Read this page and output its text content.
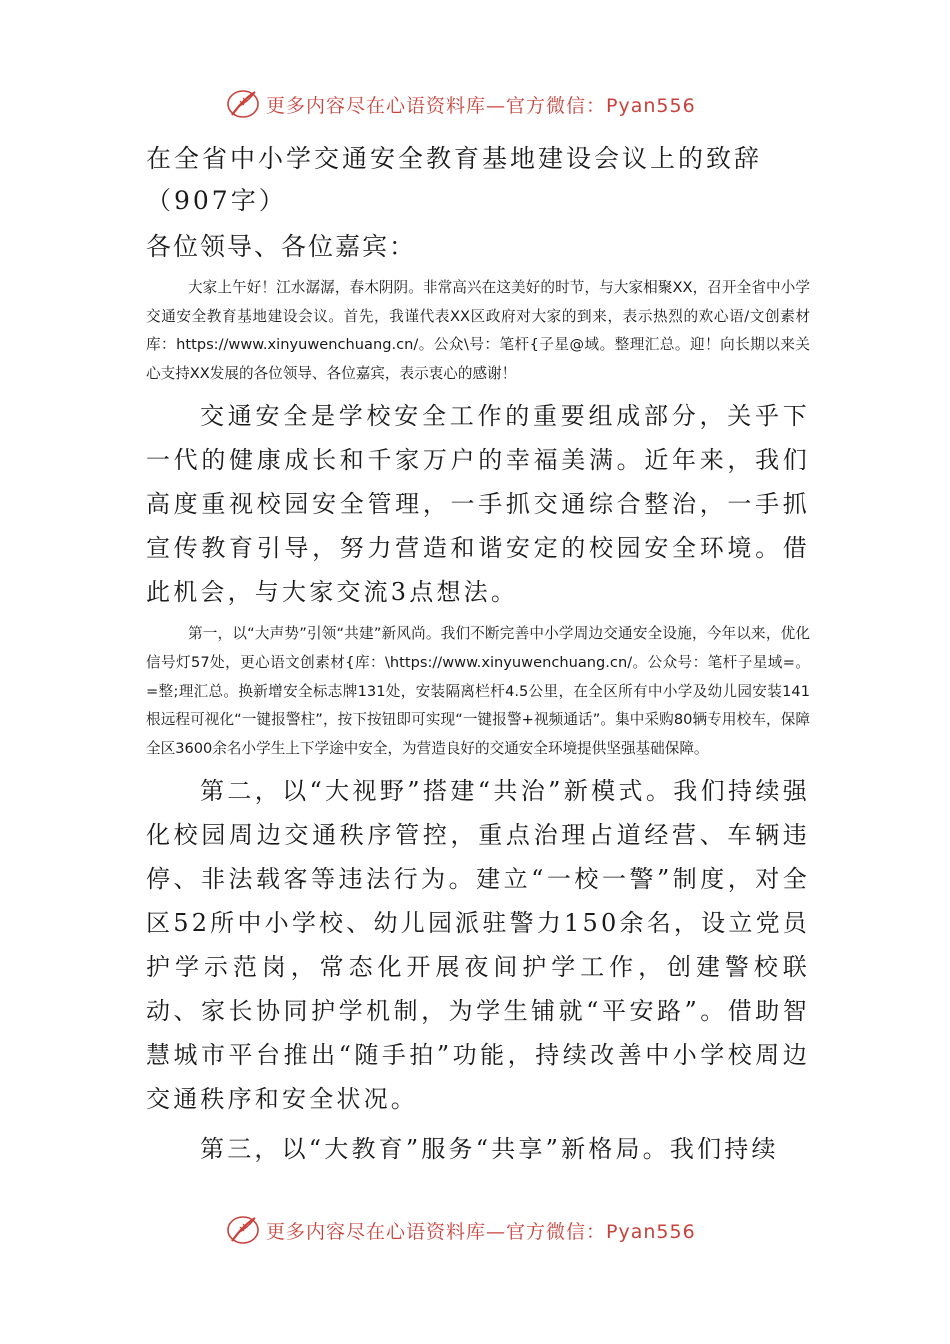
更多内容尽在心语资料库—官方微信：Pyan556

在全省中小学交通安全教育基地建设会议上的致辞（907字）

各位领导、各位嘉宾：

大家上午好！江水潺潺，春木阴阴。非常高兴在这美好的时节，与大家相聚XX，召开全省中小学交通安全教育基地建设会议。首先，我谨代表XX区政府对大家的到来，表示热烈的欢心语/文创素材库：https://www.xinyuwenchuang.cn/。公众\号：笔杆{子星@域。整理汇总。迎！向长期以来关心支持XX发展的各位领导、各位嘉宾，表示衷心的感谢！

交通安全是学校安全工作的重要组成部分，关乎下一代的健康成长和千家万户的幸福美满。近年来，我们高度重视校园安全管理，一手抓交通综合整治，一手抓宣传教育引导，努力营造和谐安定的校园安全环境。借此机会，与大家交流3点想法。

第一，以“大声势”引领“共建”新风尚。我们不断完善中小学周边交通安全设施，今年以来，优化信号灯57处，更心语文创素材{库：\https://www.xinyuwenchuang.cn/。公众号：笔杆子星域=。=整;理汇总。换新增安全标志牌131处，安装隔离栏杆4.5公里，在全区所有中小学及幼儿园安装141根远程可视化“一键报警柱”，按下按钮即可实现“一键报警+视频通话”。集中采购80辆专用校车，保障全区3600余名小学生上下学途中安全，为营造良好的交通安全环境提供坚强基础保障。

第二，以“大视野”搭建“共治”新模式。我们持续强化校园周边交通秩序管控，重点治理占道经营、车辆违停、非法载客等违法行为。建立“一校一警”制度，对全区52所中小学校、幼儿园派驻警力150余名，设立党员护学示范岗，常态化开展夜间护学工作，创建警校联动、家长协同护学机制，为学生铺就“平安路”。借助智慧城市平台推出“随手拍”功能，持续改善中小学校周边交通秩序和安全状况。

第三，以“大教育”服务“共享”新格局。我们持续

更多内容尽在心语资料库—官方微信：Pyan556
